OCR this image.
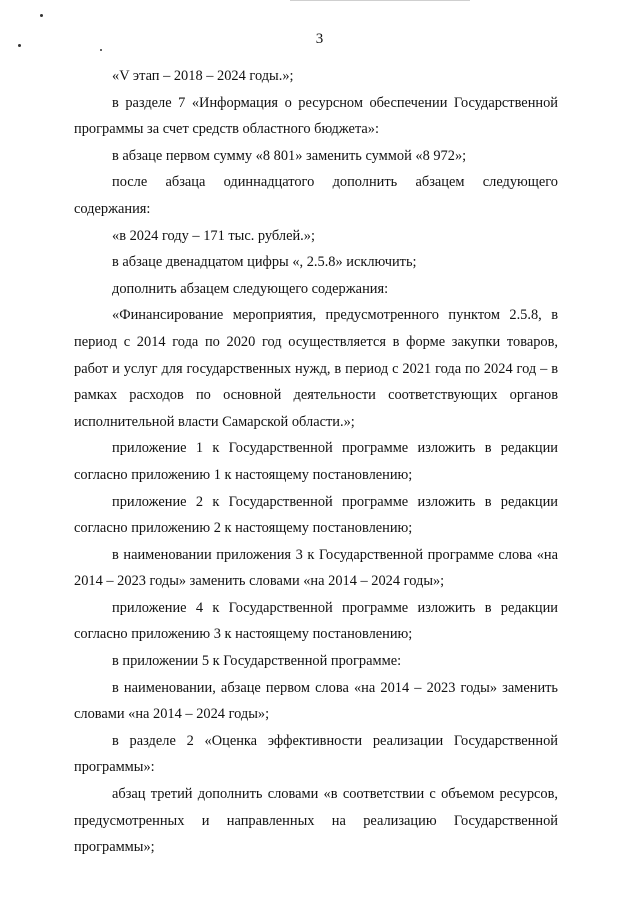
3

«V этап – 2018 – 2024 годы.»;

в разделе 7 «Информация о ресурсном обеспечении Государственной программы за счет средств областного бюджета»:

в абзаце первом сумму «8 801» заменить суммой «8 972»;

после абзаца одиннадцатого дополнить абзацем следующего содержания:

«в 2024 году – 171 тыс. рублей.»;

в абзаце двенадцатом цифры «, 2.5.8» исключить;

дополнить абзацем следующего содержания:

«Финансирование мероприятия, предусмотренного пунктом 2.5.8, в период с 2014 года по 2020 год осуществляется в форме закупки товаров, работ и услуг для государственных нужд, в период с 2021 года по 2024 год – в рамках расходов по основной деятельности соответствующих органов исполнительной власти Самарской области.»;

приложение 1 к Государственной программе изложить в редакции согласно приложению 1 к настоящему постановлению;

приложение 2 к Государственной программе изложить в редакции согласно приложению 2 к настоящему постановлению;

в наименовании приложения 3 к Государственной программе слова «на 2014 – 2023 годы» заменить словами «на 2014 – 2024 годы»;

приложение 4 к Государственной программе изложить в редакции согласно приложению 3 к настоящему постановлению;

в приложении 5 к Государственной программе:

в наименовании, абзаце первом слова «на 2014 – 2023 годы» заменить словами «на 2014 – 2024 годы»;

в разделе 2 «Оценка эффективности реализации Государственной программы»:

абзац третий дополнить словами «в соответствии с объемом ресурсов, предусмотренных и направленных на реализацию Государственной программы»;
